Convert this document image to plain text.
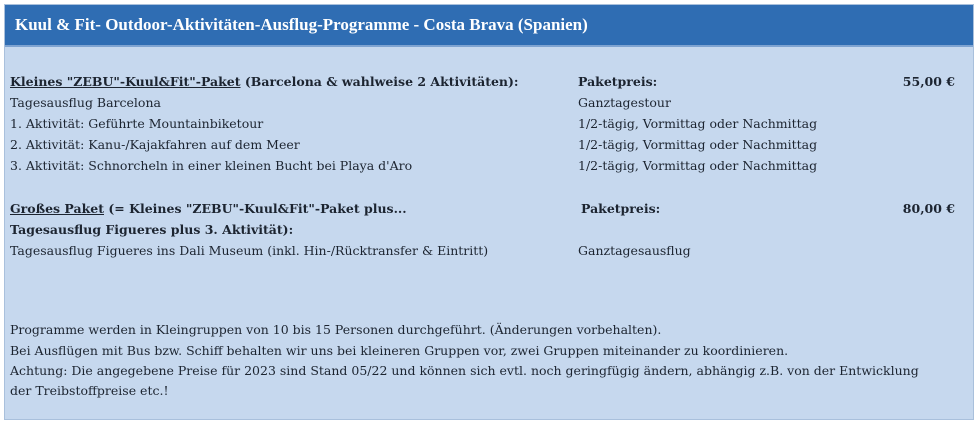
Kuul & Fit- Outdoor-Aktivitäten-Ausflug-Programme - Costa Brava (Spanien)
Kleines "ZEBU"-Kuul&Fit"-Paket (Barcelona & wahlweise 2 Aktivitäten):	Paketpreis:	55,00 €
Tagesausflug Barcelona	Ganztagestour
1. Aktivität: Geführte Mountainbiketour	1/2-tägig, Vormittag oder Nachmittag
2. Aktivität: Kanu-/Kajakfahren auf dem Meer	1/2-tägig, Vormittag oder Nachmittag
3. Aktivität: Schnorcheln in einer kleinen Bucht bei Playa d'Aro	1/2-tägig, Vormittag oder Nachmittag
Großes Paket (= Kleines "ZEBU"-Kuul&Fit"-Paket plus...	Paketpreis:	80,00 €
Tagesausflug Figueres plus 3. Aktivität):
Tagesausflug Figueres ins Dali Museum (inkl. Hin-/Rücktransfer & Eintritt)	Ganztagesausflug
Programme werden in Kleingruppen von 10 bis 15 Personen durchgeführt. (Änderungen vorbehalten).
Bei Ausflügen mit Bus bzw. Schiff behalten wir uns bei kleineren Gruppen vor, zwei Gruppen miteinander zu koordinieren.
Achtung: Die angegebene Preise für 2023 sind Stand 05/22 und können sich evtl. noch geringfügig ändern, abhängig z.B. von der Entwicklung der Treibstoffpreise etc.!
